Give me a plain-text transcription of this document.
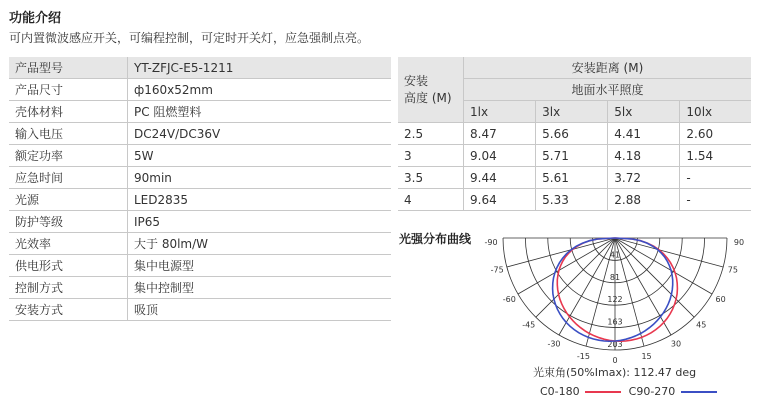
功能介绍
可内置微波感应开关，可编程控制，可定时开关灯，应急强制点亮。
产品型号	YT-ZFJC-E5-1211
产品尺寸	ф160x52mm
壳体材料	PC 阻燃塑料
输入电压	DC24V/DC36V
额定功率	5W
应急时间	90min
光源	LED2835
防护等级	IP65
光效率	大于 80lm/W
供电形式	集中电源型
控制方式	集中控制型
安装方式	吸顶
安装
高度 (M)	安装距离 (M)			
	地面水平照度			
	1lx	3lx	5lx	10lx
2.5	8.47	5.66	4.41	2.60
3	9.04	5.71	4.18	1.54
3.5	9.44	5.61	3.72	-
4	9.64	5.33	2.88	-
光强分布曲线 -90
-75
-60
-45
-30
-15	0	15
30
45
60
75
90
41
81
122
163
203
光束角(50%Imax): 112.47 deg
C0-180	C90-270
